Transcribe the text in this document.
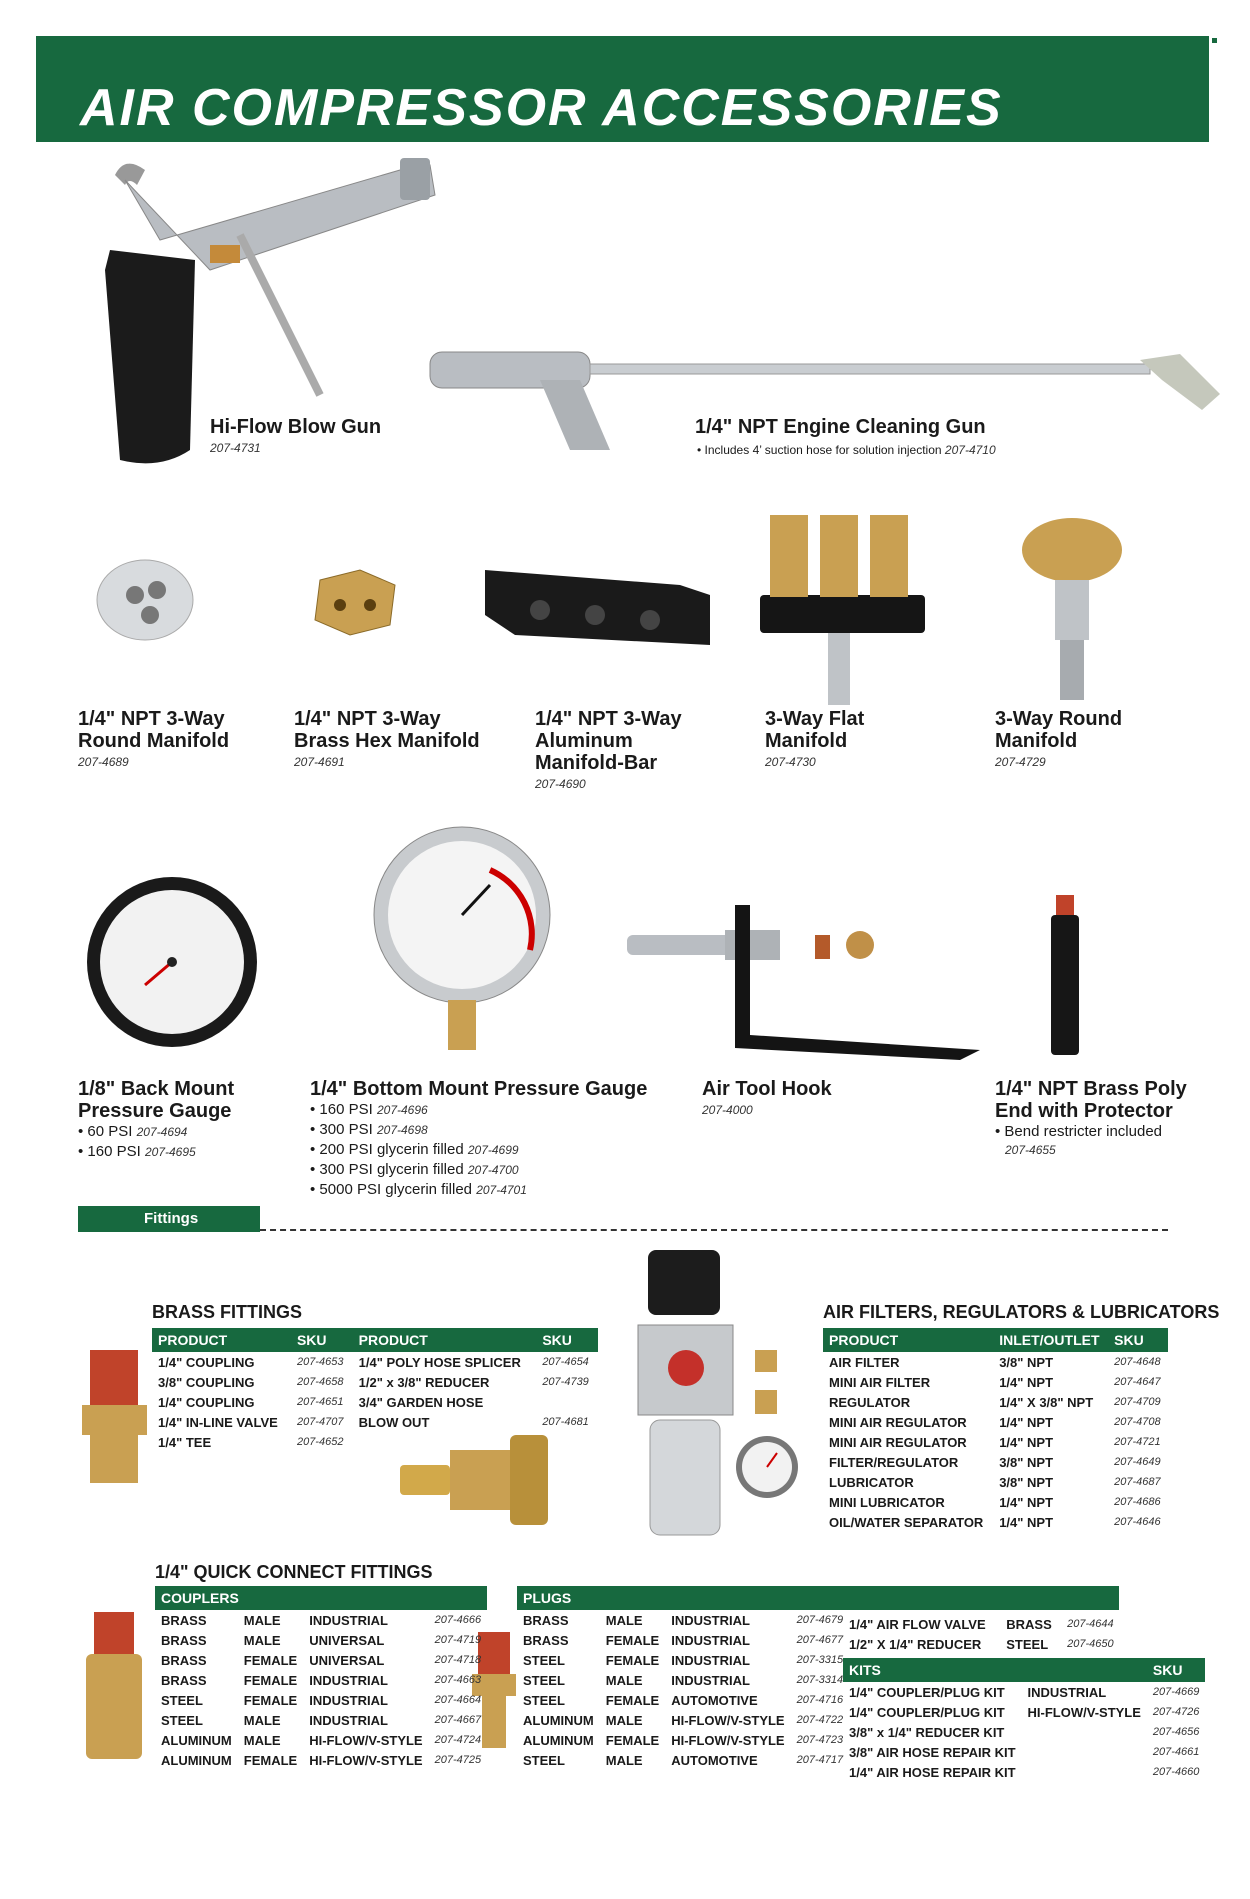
AIR COMPRESSOR ACCESSORIES
Hi-Flow Blow Gun
207-4731
1/4" NPT Engine Cleaning Gun
• Includes 4’ suction hose for solution injection 207-4710
1/4" NPT 3-Way
Round Manifold
207-4689
1/4" NPT 3-Way
Brass Hex Manifold
207-4691
1/4" NPT 3-Way
Aluminum
Manifold-Bar
207-4690
3-Way Flat
Manifold
207-4730
3-Way Round
Manifold
207-4729
1/8" Back Mount
Pressure Gauge
• 60 PSI 207-4694
• 160 PSI 207-4695
1/4" Bottom Mount Pressure Gauge
• 160 PSI 207-4696
• 300 PSI 207-4698
• 200 PSI glycerin filled 207-4699
• 300 PSI glycerin filled 207-4700
• 5000 PSI glycerin filled 207-4701
Air Tool Hook
207-4000
1/4" NPT Brass Poly
End with Protector
• Bend restricter included
207-4655
Fittings
BRASS FITTINGS
PRODUCT	SKU	PRODUCT	SKU
1/4" COUPLING	207-4653	1/4" POLY HOSE SPLICER	207-4654
3/8" COUPLING	207-4658	1/2" x 3/8" REDUCER	207-4739
1/4" COUPLING	207-4651	3/4" GARDEN HOSE	
1/4" IN-LINE VALVE	207-4707	BLOW OUT	207-4681
1/4" TEE	207-4652		
AIR FILTERS, REGULATORS & LUBRICATORS
PRODUCT	INLET/OUTLET	SKU
AIR FILTER	3/8" NPT	207-4648
MINI AIR FILTER	1/4" NPT	207-4647
REGULATOR	1/4" X 3/8" NPT	207-4709
MINI AIR REGULATOR	1/4" NPT	207-4708
MINI AIR REGULATOR	1/4" NPT	207-4721
FILTER/REGULATOR	3/8" NPT	207-4649
LUBRICATOR	3/8" NPT	207-4687
MINI LUBRICATOR	1/4" NPT	207-4686
OIL/WATER SEPARATOR	1/4" NPT	207-4646
1/4" QUICK CONNECT FITTINGS
COUPLERS			
BRASS	MALE	INDUSTRIAL	207-4666
BRASS	MALE	UNIVERSAL	207-4719
BRASS	FEMALE	UNIVERSAL	207-4718
BRASS	FEMALE	INDUSTRIAL	207-4663
STEEL	FEMALE	INDUSTRIAL	207-4664
STEEL	MALE	INDUSTRIAL	207-4667
ALUMINUM	MALE	HI-FLOW/V-STYLE	207-4724
ALUMINUM	FEMALE	HI-FLOW/V-STYLE	207-4725
PLUGS			
BRASS	MALE	INDUSTRIAL	207-4679
BRASS	FEMALE	INDUSTRIAL	207-4677
STEEL	FEMALE	INDUSTRIAL	207-3315
STEEL	MALE	INDUSTRIAL	207-3314
STEEL	FEMALE	AUTOMOTIVE	207-4716
ALUMINUM	MALE	HI-FLOW/V-STYLE	207-4722
ALUMINUM	FEMALE	HI-FLOW/V-STYLE	207-4723
STEEL	MALE	AUTOMOTIVE	207-4717
1/4" AIR FLOW VALVE	BRASS	207-4644
1/2" X 1/4" REDUCER	STEEL	207-4650
KITS		SKU
1/4" COUPLER/PLUG KIT	INDUSTRIAL	207-4669
1/4" COUPLER/PLUG KIT	HI-FLOW/V-STYLE	207-4726
3/8" x 1/4" REDUCER KIT		207-4656
3/8" AIR HOSE REPAIR KIT		207-4661
1/4" AIR HOSE REPAIR KIT		207-4660
